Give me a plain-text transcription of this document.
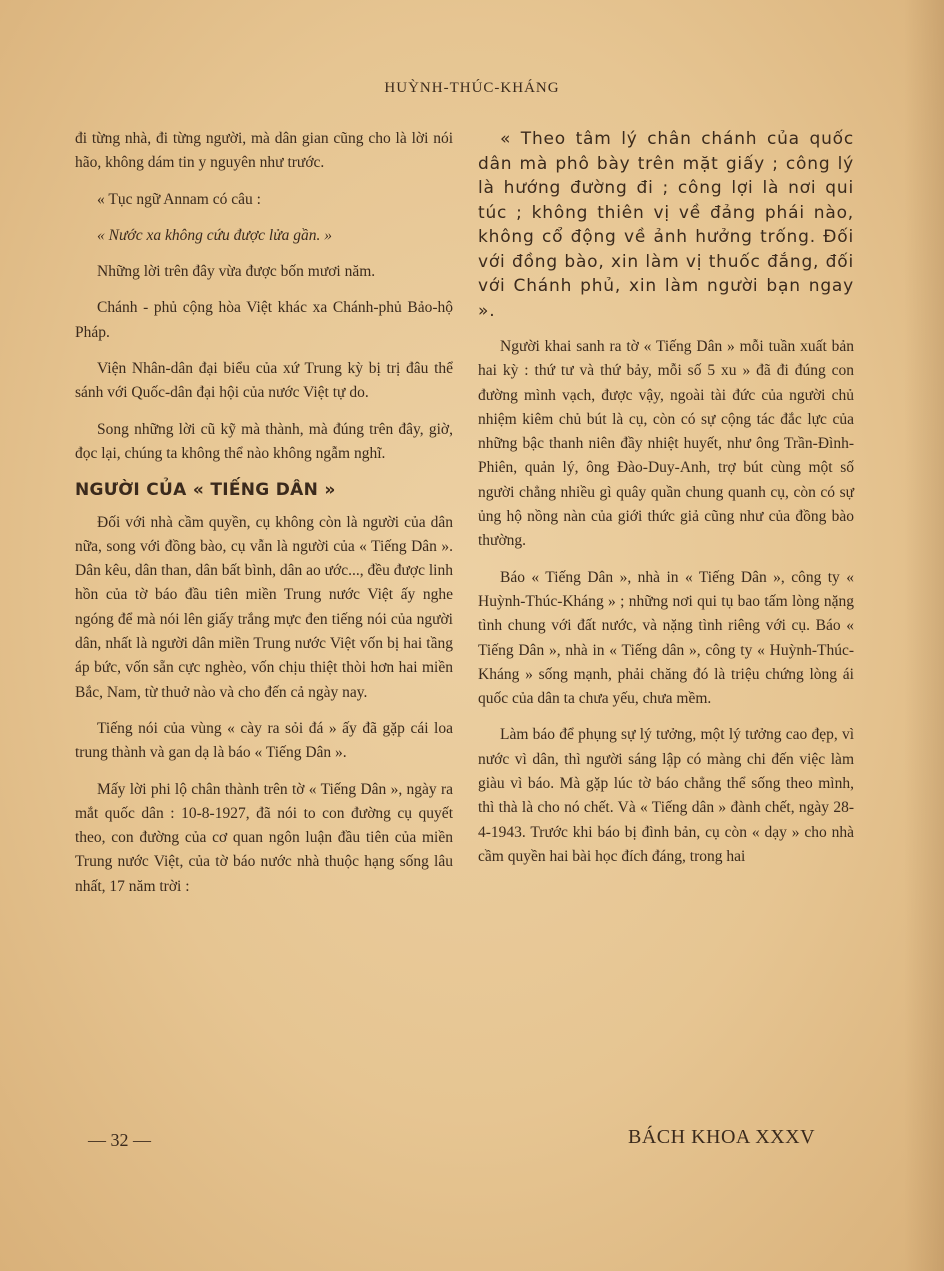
HUỲNH-THÚC-KHÁNG

đi từng nhà, đi từng người, mà dân gian cũng cho là lời nói hão, không dám tin y nguyên như trước.

« Tục ngữ Annam có câu :

« Nước xa không cứu được lửa gần. »

Những lời trên đây vừa được bốn mươi năm.

Chánh - phủ cộng hòa Việt khác xa Chánh-phủ Bảo-hộ Pháp.

Viện Nhân-dân đại biểu của xứ Trung kỳ bị trị đâu thể sánh với Quốc-dân đại hội của nước Việt tự do.

Song những lời cũ kỹ mà thành, mà đúng trên đây, giờ, đọc lại, chúng ta không thể nào không ngẫm nghĩ.

NGƯỜI CỦA « TIẾNG DÂN »

Đối với nhà cầm quyền, cụ không còn là người của dân nữa, song với đồng bào, cụ vẫn là người của « Tiếng Dân ». Dân kêu, dân than, dân bất bình, dân ao ước..., đều được linh hồn của tờ báo đầu tiên miền Trung nước Việt ấy nghe ngóng để mà nói lên giấy trắng mực đen tiếng nói của người dân, nhất là người dân miền Trung nước Việt vốn bị hai tầng áp bức, vốn sẵn cực nghèo, vốn chịu thiệt thòi hơn hai miền Bắc, Nam, từ thuở nào và cho đến cả ngày nay.

Tiếng nói của vùng « cày ra sỏi đá » ấy đã gặp cái loa trung thành và gan dạ là báo « Tiếng Dân ».

Mấy lời phi lộ chân thành trên tờ « Tiếng Dân », ngày ra mắt quốc dân : 10-8-1927, đã nói to con đường cụ quyết theo, con đường của cơ quan ngôn luận đầu tiên của miền Trung nước Việt, của tờ báo nước nhà thuộc hạng sống lâu nhất, 17 năm trời :

« Theo tâm lý chân chánh của quốc dân mà phô bày trên mặt giấy ; công lý là hướng đường đi ; công lợi là nơi qui túc ; không thiên vị về đảng phái nào, không cổ động về ảnh hưởng trống. Đối với đồng bào, xin làm vị thuốc đắng, đối với Chánh phủ, xin làm người bạn ngay ».

Người khai sanh ra tờ « Tiếng Dân » mỗi tuần xuất bản hai kỳ : thứ tư và thứ bảy, mỗi số 5 xu » đã đi đúng con đường mình vạch, được vậy, ngoài tài đức của người chủ nhiệm kiêm chủ bút là cụ, còn có sự cộng tác đắc lực của những bậc thanh niên đầy nhiệt huyết, như ông Trần-Đình-Phiên, quản lý, ông Đào-Duy-Anh, trợ bút cùng một số người chẳng nhiều gì quây quần chung quanh cụ, còn có sự ủng hộ nồng nàn của giới thức giả cũng như của đồng bào thường.

Báo « Tiếng Dân », nhà in « Tiếng Dân », công ty « Huỳnh-Thúc-Kháng » ; những nơi qui tụ bao tấm lòng nặng tình chung với đất nước, và nặng tình riêng với cụ. Báo « Tiếng Dân », nhà in « Tiếng dân », công ty « Huỳnh-Thúc-Kháng » sống mạnh, phải chăng đó là triệu chứng lòng ái quốc của dân ta chưa yếu, chưa mềm.

Làm báo để phụng sự lý tưởng, một lý tưởng cao đẹp, vì nước vì dân, thì người sáng lập có màng chi đến việc làm giàu vì báo. Mà gặp lúc tờ báo chẳng thể sống theo mình, thì thà là cho nó chết. Và « Tiếng dân » đành chết, ngày 28-4-1943. Trước khi báo bị đình bản, cụ còn « dạy » cho nhà cầm quyền hai bài học đích đáng, trong hai

— 32 —	BÁCH KHOA XXXV
